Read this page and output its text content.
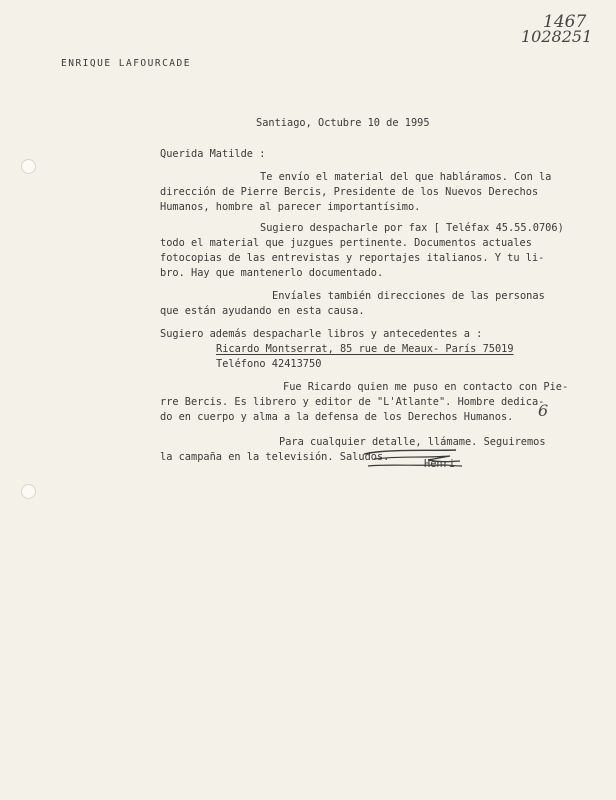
1467
1028251
ENRIQUE LAFOURCADE
Santiago, Octubre 10 de 1995
Querida Matilde :
Te envío el material del que habláramos. Con la
dirección de Pierre Bercis, Presidente de los Nuevos Derechos
Humanos, hombre al parecer importantísimo.
Sugiero despacharle por fax [ Teléfax 45.55.0706)
todo el material que juzgues pertinente. Documentos actuales
fotocopias de las entrevistas y reportajes italianos. Y tu li-
bro. Hay que mantenerlo documentado.
6
Envíales también direcciones de las personas
que están ayudando en esta causa.
Sugiero además despacharle libros y antecedentes a :
Ricardo Montserrat, 85 rue de Meaux- París 75019
Teléfono 42413750
Fue Ricardo quien me puso en contacto con Pie-
rre Bercis. Es librero y editor de "L'Atlante". Hombre dedica-
do en cuerpo y alma a la defensa de los Derechos Humanos.
Para cualquier detalle, llámame. Seguiremos
la campaña en la televisión. Saludos.
Henri
